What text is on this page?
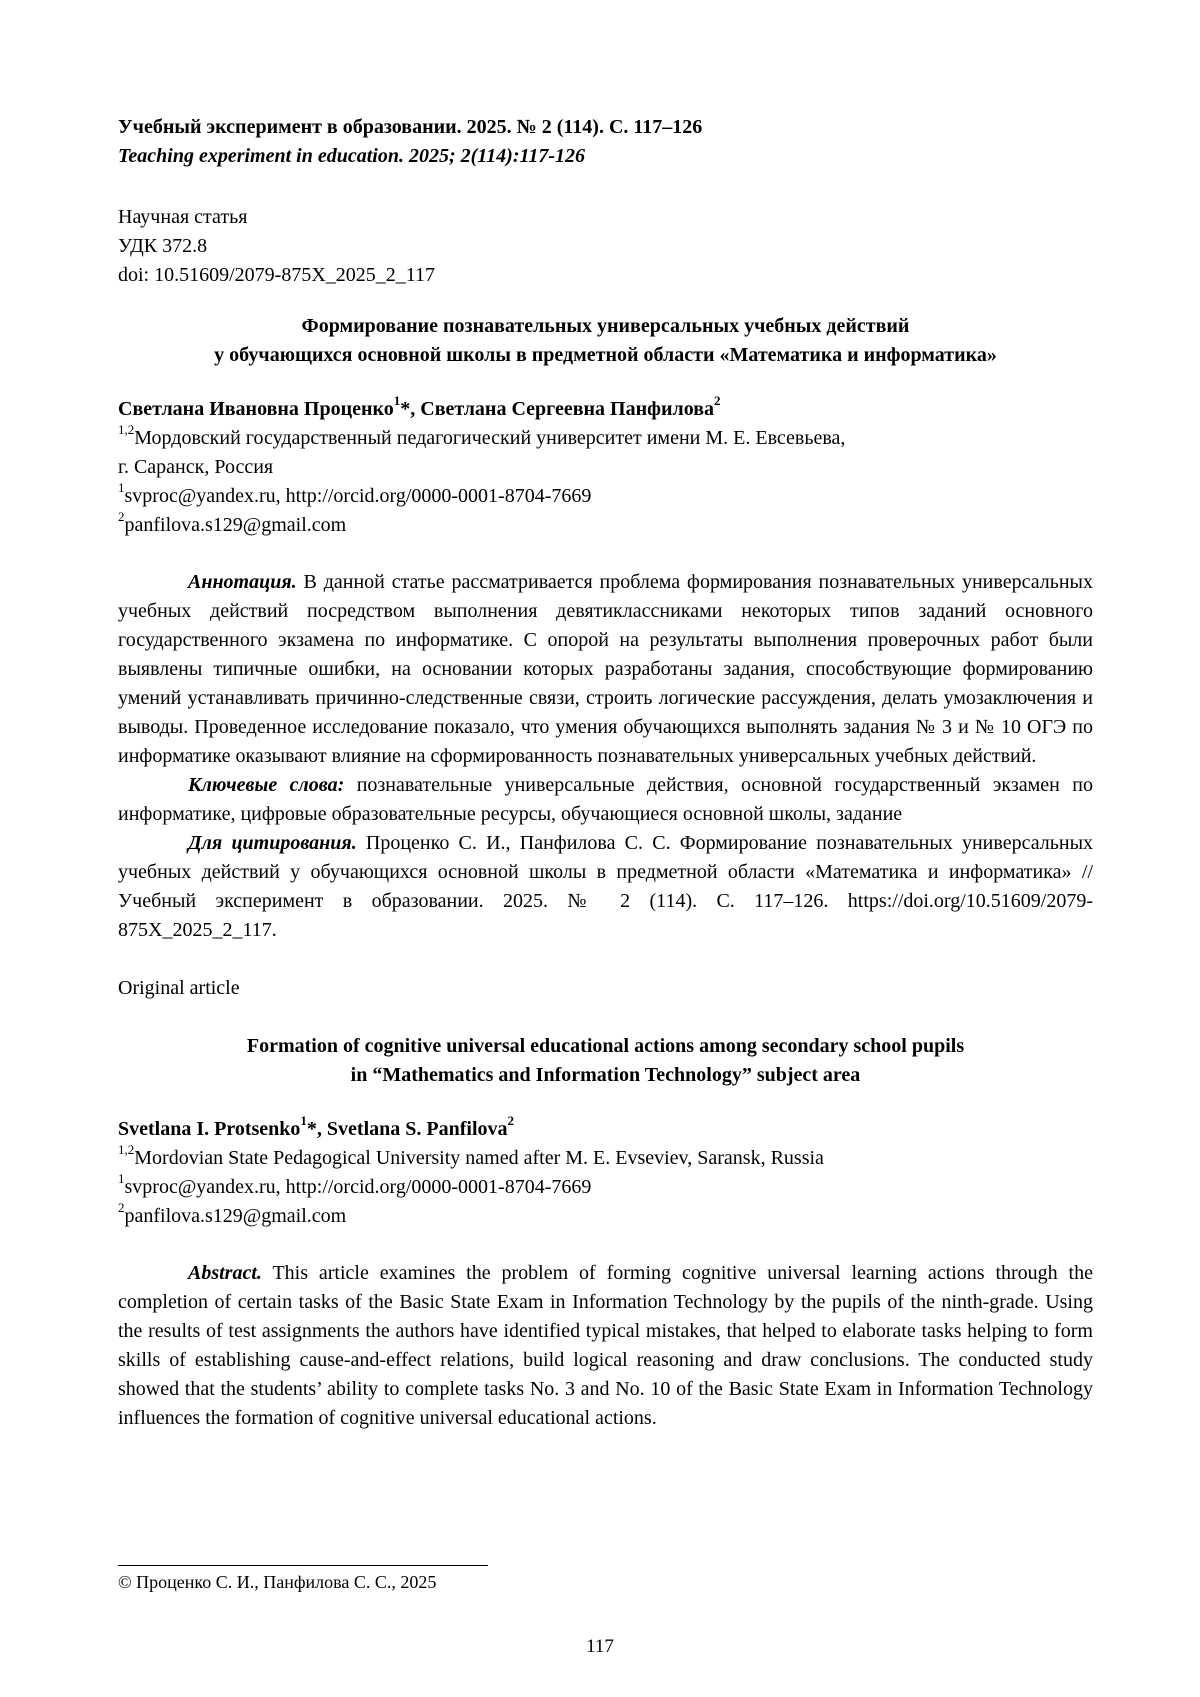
Учебный эксперимент в образовании. 2025. № 2 (114). С. 117–126
Teaching experiment in education. 2025; 2(114):117-126
Научная статья
УДК 372.8
doi: 10.51609/2079-875X_2025_2_117
Формирование познавательных универсальных учебных действий
у обучающихся основной школы в предметной области «Математика и информатика»
Светлана Ивановна Проценко$^1$*, Светлана Сергеевна Панфилова$^2$
$^{1,2}$Мордовский государственный педагогический университет имени М. Е. Евсевьева,
г. Саранск, Россия
$^1$svproc@yandex.ru, http://orcid.org/0000-0001-8704-7669
$^2$panfilova.s129@gmail.com
Аннотация. В данной статье рассматривается проблема формирования познавательных универсальных учебных действий посредством выполнения девятиклассниками некоторых типов заданий основного государственного экзамена по информатике. С опорой на результаты выполнения проверочных работ были выявлены типичные ошибки, на основании которых разработаны задания, способствующие формированию умений устанавливать причинно-следственные связи, строить логические рассуждения, делать умозаключения и выводы. Проведенное исследование показало, что умения обучающихся выполнять задания № 3 и № 10 ОГЭ по информатике оказывают влияние на сформированность познавательных универсальных учебных действий.
Ключевые слова: познавательные универсальные действия, основной государственный экзамен по информатике, цифровые образовательные ресурсы, обучающиеся основной школы, задание
Для цитирования. Проценко С. И., Панфилова С. С. Формирование познавательных универсальных учебных действий у обучающихся основной школы в предметной области «Математика и информатика» // Учебный эксперимент в образовании. 2025. № 2 (114). С. 117–126. https://doi.org/10.51609/2079-875X_2025_2_117.
Original article
Formation of cognitive universal educational actions among secondary school pupils
in “Mathematics and Information Technology” subject area
Svetlana I. Protsenko$^1$*, Svetlana S. Panfilova$^2$
$^{1,2}$Mordovian State Pedagogical University named after M. E. Evseviev, Saransk, Russia
$^1$svproc@yandex.ru, http://orcid.org/0000-0001-8704-7669
$^2$panfilova.s129@gmail.com
Abstract. This article examines the problem of forming cognitive universal learning actions through the completion of certain tasks of the Basic State Exam in Information Technology by the pupils of the ninth-grade. Using the results of test assignments the authors have identified typical mistakes, that helped to elaborate tasks helping to form skills of establishing cause-and-effect relations, build logical reasoning and draw conclusions. The conducted study showed that the students’ ability to complete tasks No. 3 and No. 10 of the Basic State Exam in Information Technology influences the formation of cognitive universal educational actions.
© Проценко С. И., Панфилова С. С., 2025
117
